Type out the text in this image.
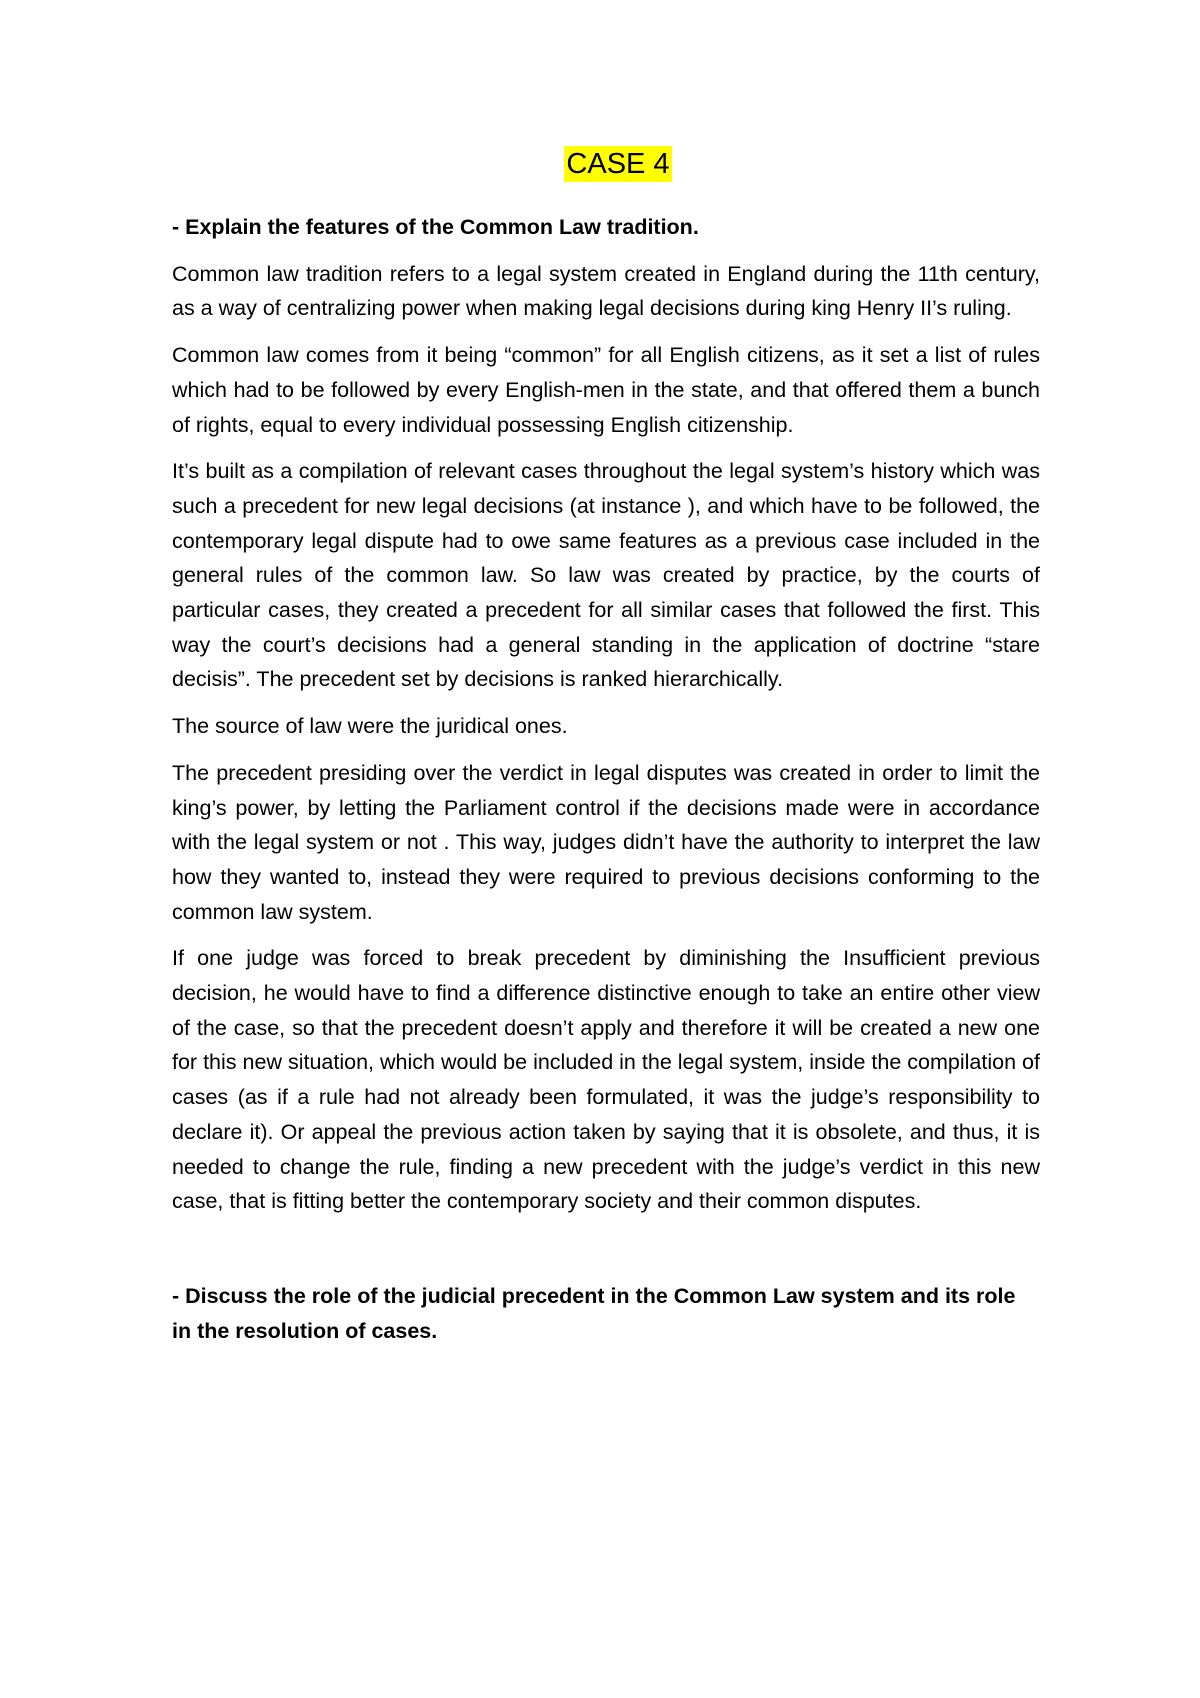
CASE 4

- Explain the features of the Common Law tradition.

Common law tradition refers to a legal system created in England during the 11th century, as a way of centralizing power when making legal decisions during king Henry II’s ruling.

Common law comes from it being “common” for all English citizens, as it set a list of rules which had to be followed by every English-men in the state, and that offered them a bunch of rights, equal to every individual possessing English citizenship.

It’s built as a compilation of relevant cases throughout the legal system’s history which was such a precedent for new legal decisions (at instance ), and which have to be followed, the contemporary legal dispute had to owe same features as a previous case included in the general rules of the common law. So law was created by practice, by the courts of particular cases, they created a precedent for all similar cases that followed the first. This way the court’s decisions had a general standing in the application of doctrine “stare decisis”. The precedent set by decisions is ranked hierarchically.

The source of law were the juridical ones.

The precedent presiding over the verdict in legal disputes was created in order to limit the king’s power, by letting the Parliament control if the decisions made were in accordance with the legal system or not . This way, judges didn’t have the authority to interpret the law how they wanted to, instead they were required to previous decisions conforming to the common law system.

If one judge was forced to break precedent by diminishing the Insufficient previous decision, he would have to find a difference distinctive enough to take an entire other view of the case, so that the precedent doesn’t apply and therefore it will be created a new one for this new situation, which would be included in the legal system, inside the compilation of cases (as if a rule had not already been formulated, it was the judge’s responsibility to declare it). Or appeal the previous action taken by saying that it is obsolete, and thus, it is needed to change the rule, finding a new precedent with the judge’s verdict in this new case, that is fitting better the contemporary society and their common disputes.

- Discuss the role of the judicial precedent in the Common Law system and its role in the resolution of cases.
